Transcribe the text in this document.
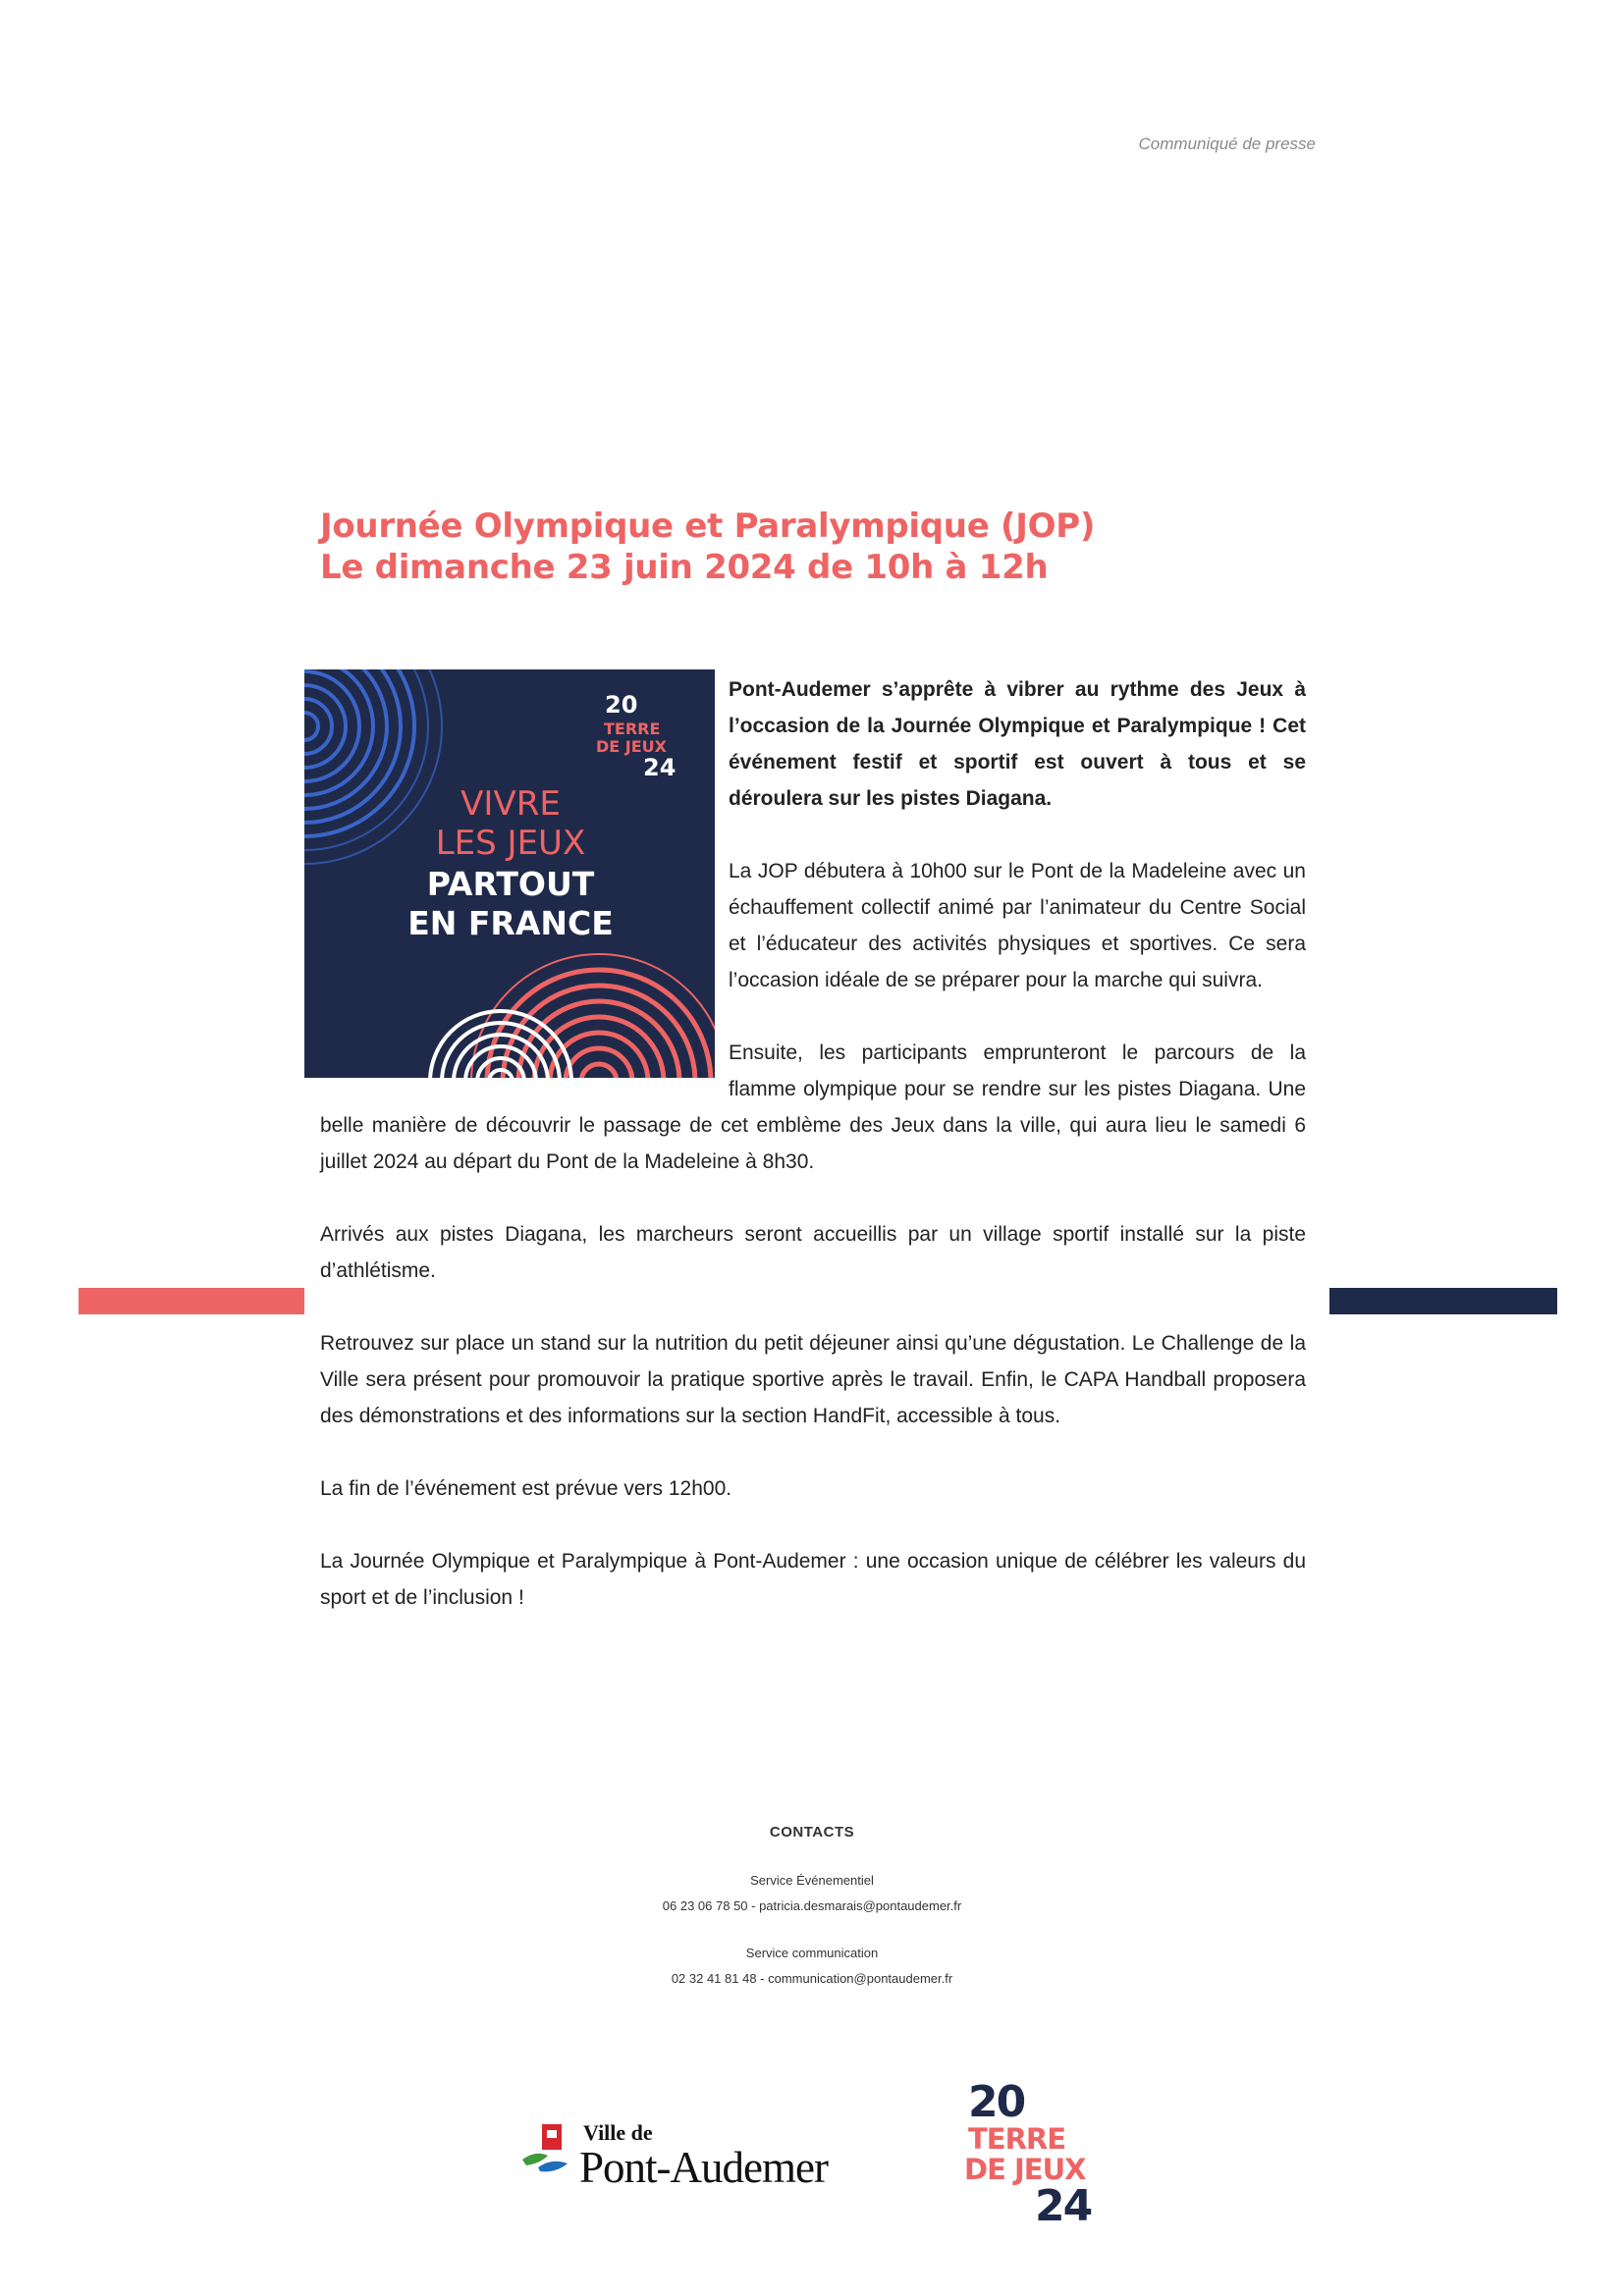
Communiqué de presse
Journée Olympique et Paralympique (JOP)
Le dimanche 23 juin 2024 de 10h à 12h
20
TERRE
DE JEUX
24
VIVRE
LES JEUX
PARTOUT
EN FRANCE

Pont-Audemer s’apprête à vibrer au rythme des Jeux à l’occasion de la Journée Olympique et Paralympique ! Cet événement festif et sportif est ouvert à tous et se déroulera sur les pistes Diagana.

La JOP débutera à 10h00 sur le Pont de la Madeleine avec un échauffement collectif animé par l’animateur du Centre Social et l’éducateur des activités physiques et sportives. Ce sera l’occasion idéale de se préparer pour la marche qui suivra.

Ensuite, les participants emprunteront le parcours de la flamme olympique pour se rendre sur les pistes Diagana. Une belle manière de découvrir le passage de cet emblème des Jeux dans la ville, qui aura lieu le samedi 6 juillet 2024 au départ du Pont de la Madeleine à 8h30.

Arrivés aux pistes Diagana, les marcheurs seront accueillis par un village sportif installé sur la piste d’athlétisme.

Retrouvez sur place un stand sur la nutrition du petit déjeuner ainsi qu’une dégustation. Le Challenge de la Ville sera présent pour promouvoir la pratique sportive après le travail. Enfin, le CAPA Handball proposera des démonstrations et des informations sur la section HandFit, accessible à tous.

La fin de l’événement est prévue vers 12h00.

La Journée Olympique et Paralympique à Pont-Audemer : une occasion unique de célébrer les valeurs du sport et de l’inclusion !

CONTACTS
Service Événementiel
06 23 06 78 50 - patricia.desmarais@pontaudemer.fr
Service communication
02 32 41 81 48 - communication@pontaudemer.fr
Ville de
Pont-Audemer
20
TERRE
DE JEUX
24
